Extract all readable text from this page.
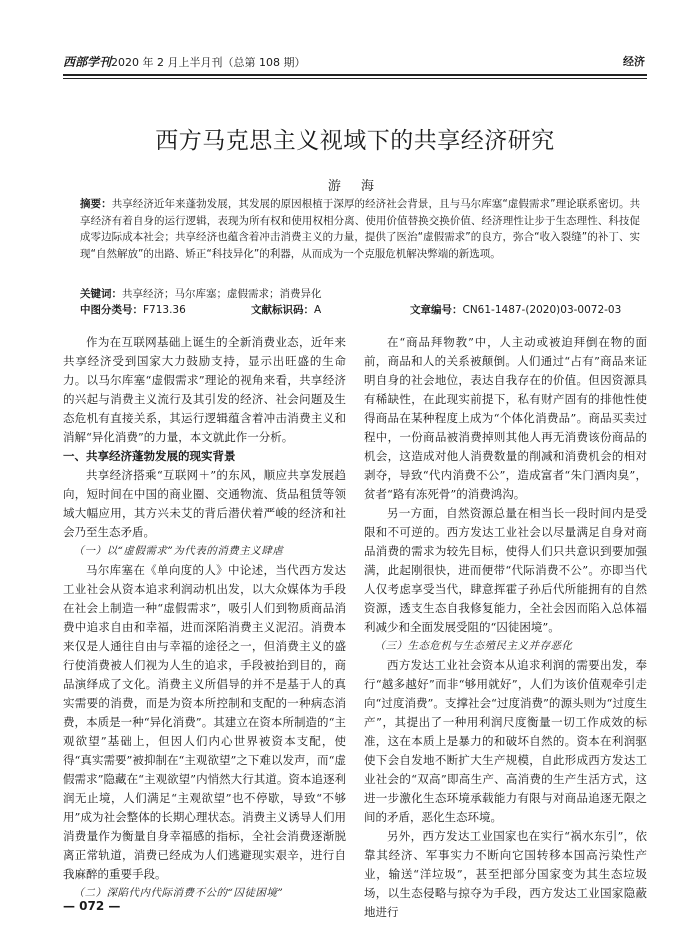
西部学刊2020 年 2 月上半月刊（总第 108 期）	经济
西方马克思主义视域下的共享经济研究
游 海
摘要：共享经济近年来蓬勃发展，其发展的原因根植于深厚的经济社会背景，且与马尔库塞“虚假需求”理论联系密切。共享经济有着自身的运行逻辑，表现为所有权和使用权相分离、使用价值替换交换价值、经济理性让步于生态理性、科技促成零边际成本社会；共享经济也蕴含着冲击消费主义的力量，提供了医治“虚假需求”的良方，弥合“收入裂缝”的补丁、实现“自然解放”的出路、矫正“科技异化”的利器，从而成为一个克服危机解决弊端的新选项。
关键词：共享经济；马尔库塞；虚假需求；消费异化
中图分类号：F713.36	文献标识码：A	文章编号：CN61-1487-(2020)03-0072-03

作为在互联网基础上诞生的全新消费业态，近年来共享经济受到国家大力鼓励支持，显示出旺盛的生命力。以马尔库塞“虚假需求”理论的视角来看，共享经济的兴起与消费主义流行及其引发的经济、社会问题及生态危机有直接关系，其运行逻辑蕴含着冲击消费主义和消解“异化消费”的力量，本文就此作一分析。

一、共享经济蓬勃发展的现实背景

共享经济搭乘“互联网＋”的东风，顺应共享发展趋向，短时间在中国的商业圈、交通物流、货品租赁等领域大幅应用，其方兴未艾的背后潜伏着严峻的经济和社会乃至生态矛盾。

（一）以“虚假需求”为代表的消费主义肆虐

马尔库塞在《单向度的人》中论述，当代西方发达工业社会从资本追求利润动机出发，以大众媒体为手段在社会上制造一种“虚假需求”，吸引人们到物质商品消费中追求自由和幸福，进而深陷消费主义泥沼。消费本来仅是人通往自由与幸福的途径之一，但消费主义的盛行使消费被人们视为人生的追求，手段被抬到目的，商品演绎成了文化。消费主义所倡导的并不是基于人的真实需要的消费，而是为资本所控制和支配的一种病态消费，本质是一种“异化消费”。其建立在资本所制造的“主观欲望”基础上，但因人们内心世界被资本支配，使得“真实需要”被抑制在“主观欲望”之下难以发声，而“虚假需求”隐藏在“主观欲望”内悄然大行其道。资本追逐利润无止境，人们满足“主观欲望”也不停歇，导致“不够用”成为社会整体的长期心理状态。消费主义诱导人们用消费量作为衡量自身幸福感的指标，全社会消费逐渐脱离正常轨道，消费已经成为人们逃避现实艰辛，进行自我麻醉的重要手段。

（二）深陷代内代际消费不公的“囚徒困境”

在“商品拜物教”中，人主动或被迫拜倒在物的面前，商品和人的关系被颠倒。人们通过“占有”商品来证明自身的社会地位，表达自我存在的价值。但因资源具有稀缺性，在此现实前提下，私有财产固有的排他性使得商品在某种程度上成为“个体化消费品”。商品买卖过程中，一份商品被消费掉则其他人再无消费该份商品的机会，这造成对他人消费数量的削减和消费机会的相对剥夺，导致“代内消费不公”，造成富者“朱门酒肉臭”，贫者“路有冻死骨”的消费鸿沟。

另一方面，自然资源总量在相当长一段时间内是受限和不可逆的。西方发达工业社会以尽量满足自身对商品消费的需求为较先目标，使得人们只共意识到要加强满，此起刚很快，进而便带“代际消费不公”。亦即当代人仅考虑享受当代，肆意挥霍子孙后代所能拥有的自然资源，透支生态自我修复能力，全社会因而陷入总体福利减少和全面发展受阻的“囚徒困境”。

（三）生态危机与生态殖民主义并存恶化

西方发达工业社会资本从追求利润的需要出发，奉行“越多越好”而非“够用就好”，人们为该价值观牵引走向“过度消费”。支撑社会“过度消费”的源头则为“过度生产”，其提出了一种用利润尺度衡量一切工作成效的标准，这在本质上是暴力的和破坏自然的。资本在利润驱使下会自发地不断扩大生产规模，自此形成西方发达工业社会的“双高”即高生产、高消费的生产生活方式，这进一步激化生态环境承载能力有限与对商品追逐无限之间的矛盾，恶化生态环境。

另外，西方发达工业国家也在实行“祸水东引”，依靠其经济、军事实力不断向它国转移本国高污染性产业，输送“洋垃圾”，甚至把部分国家变为其生态垃圾场，以生态侵略与掠夺为手段，西方发达工业国家隐蔽地进行

— 072 —
